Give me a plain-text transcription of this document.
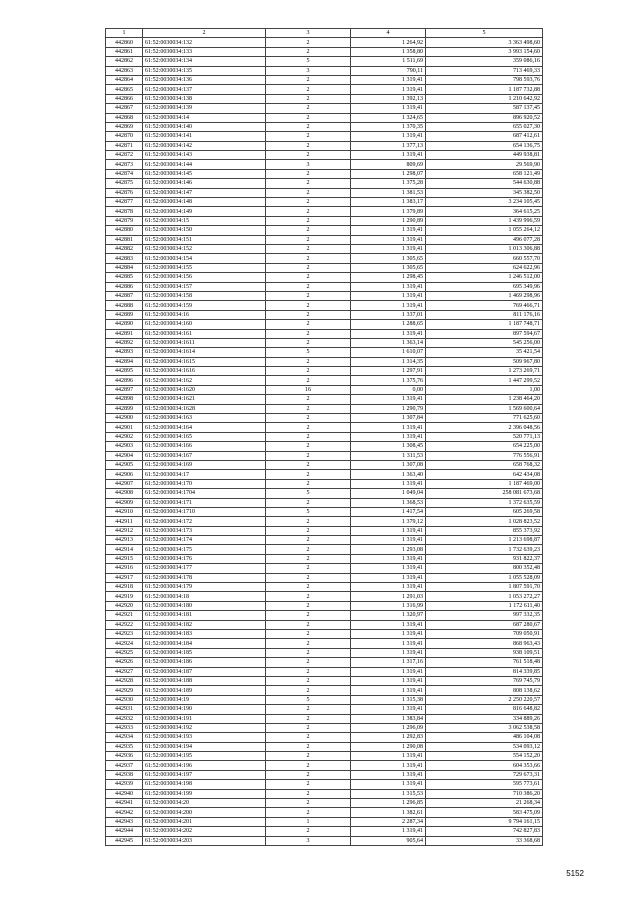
1	2	3	4	5
442860	61:52:0030034:132	2	1 264,92	3 363 498,60
442861	61:52:0030034:133	2	1 358,80	3 993 154,60
442862	61:52:0030034:134	5	1 511,69	359 086,16
442863	61:52:0030034:135	3	790,11	713 469,33
442864	61:52:0030034:136	2	1 319,41	798 593,76
442865	61:52:0030034:137	2	1 319,41	1 187 732,88
442866	61:52:0030034:138	2	1 392,13	1 210 642,92
442867	61:52:0030034:139	2	1 319,41	587 137,45
442868	61:52:0030034:14	2	1 324,65	896 920,52
442869	61:52:0030034:140	2	1 370,35	655 027,30
442870	61:52:0030034:141	2	1 319,41	687 412,61
442871	61:52:0030034:142	2	1 377,13	654 136,75
442872	61:52:0030034:143	2	1 319,41	449 938,81
442873	61:52:0030034:144	3	809,69	29 569,90
442874	61:52:0030034:145	2	1 298,07	658 121,49
442875	61:52:0030034:146	2	1 375,28	544 630,88
442876	61:52:0030034:147	2	1 381,53	345 382,50
442877	61:52:0030034:148	2	1 383,17	3 234 105,45
442878	61:52:0030034:149	2	1 379,89	364 615,25
442879	61:52:0030034:15	2	1 290,89	1 439 996,59
442880	61:52:0030034:150	2	1 319,41	1 055 264,12
442881	61:52:0030034:151	2	1 319,41	496 077,28
442882	61:52:0030034:152	2	1 319,41	1 013 306,88
442883	61:52:0030034:154	2	1 305,65	660 557,70
442884	61:52:0030034:155	2	1 305,65	624 622,96
442885	61:52:0030034:156	2	1 298,45	1 246 512,00
442886	61:52:0030034:157	2	1 319,41	695 349,96
442887	61:52:0030034:158	2	1 319,41	1 469 298,96
442888	61:52:0030034:159	2	1 319,41	769 466,71
442889	61:52:0030034:16	2	1 337,01	811 176,16
442890	61:52:0030034:160	2	1 288,65	1 187 748,71
442891	61:52:0030034:161	2	1 319,41	897 594,67
442892	61:52:0030034:1611	2	1 363,14	545 256,00
442893	61:52:0030034:1614	5	1 610,07	35 421,54
442894	61:52:0030034:1615	2	1 314,35	509 967,80
442895	61:52:0030034:1616	2	1 297,91	1 273 269,71
442896	61:52:0030034:162	2	1 375,76	1 447 299,52
442897	61:52:0030034:1620	16	0,00	1,00
442898	61:52:0030034:1621	2	1 319,41	1 238 464,20
442899	61:52:0030034:1628	2	1 290,79	1 569 600,64
442900	61:52:0030034:163	2	1 307,84	771 625,60
442901	61:52:0030034:164	2	1 319,41	2 396 048,56
442902	61:52:0030034:165	2	1 319,41	520 771,13
442903	61:52:0030034:166	2	1 308,45	654 225,00
442904	61:52:0030034:167	2	1 311,53	776 556,91
442905	61:52:0030034:169	2	1 307,08	658 768,32
442906	61:52:0030034:17	2	1 363,40	642 434,08
442907	61:52:0030034:170	2	1 319,41	1 187 469,00
442908	61:52:0030034:1704	5	1 049,04	258 081 673,68
442909	61:52:0030034:171	2	1 368,53	1 372 635,59
442910	61:52:0030034:1710	5	1 417,54	605 269,58
442911	61:52:0030034:172	2	1 379,12	1 028 823,52
442912	61:52:0030034:173	2	1 319,41	855 373,92
442913	61:52:0030034:174	2	1 319,41	1 213 698,87
442914	61:52:0030034:175	2	1 293,08	1 732 639,23
442915	61:52:0030034:176	2	1 319,41	931 822,37
442916	61:52:0030034:177	2	1 319,41	800 352,48
442917	61:52:0030034:178	2	1 319,41	1 055 528,09
442918	61:52:0030034:179	2	1 319,41	1 807 591,70
442919	61:52:0030034:18	2	1 291,03	1 053 272,27
442920	61:52:0030034:180	2	1 316,99	1 172 611,40
442921	61:52:0030034:181	2	1 320,97	997 332,35
442922	61:52:0030034:182	2	1 319,41	687 280,67
442923	61:52:0030034:183	2	1 319,41	709 050,91
442924	61:52:0030034:184	2	1 319,41	868 963,43
442925	61:52:0030034:185	2	1 319,41	938 109,51
442926	61:52:0030034:186	2	1 317,16	761 518,48
442927	61:52:0030034:187	2	1 319,41	814 339,85
442928	61:52:0030034:188	2	1 319,41	769 745,79
442929	61:52:0030034:189	2	1 319,41	808 138,62
442930	61:52:0030034:19	5	1 315,38	2 250 220,57
442931	61:52:0030034:190	2	1 319,41	816 648,82
442932	61:52:0030034:191	2	1 383,84	334 889,26
442933	61:52:0030034:192	2	1 296,09	3 062 538,58
442934	61:52:0030034:193	2	1 292,83	486 104,08
442935	61:52:0030034:194	2	1 290,08	534 093,12
442936	61:52:0030034:195	2	1 319,41	554 152,20
442937	61:52:0030034:196	2	1 319,41	604 353,66
442938	61:52:0030034:197	2	1 319,41	729 673,31
442939	61:52:0030034:198	2	1 319,41	595 773,61
442940	61:52:0030034:199	2	1 315,53	710 386,20
442941	61:52:0030034:20	2	1 296,85	21 268,34
442942	61:52:0030034:200	2	1 382,61	583 475,09
442943	61:52:0030034:201	1	2 287,34	9 794 161,15
442944	61:52:0030034:202	2	1 319,41	742 827,83
442945	61:52:0030034:203	3	905,64	33 368,68
5152
